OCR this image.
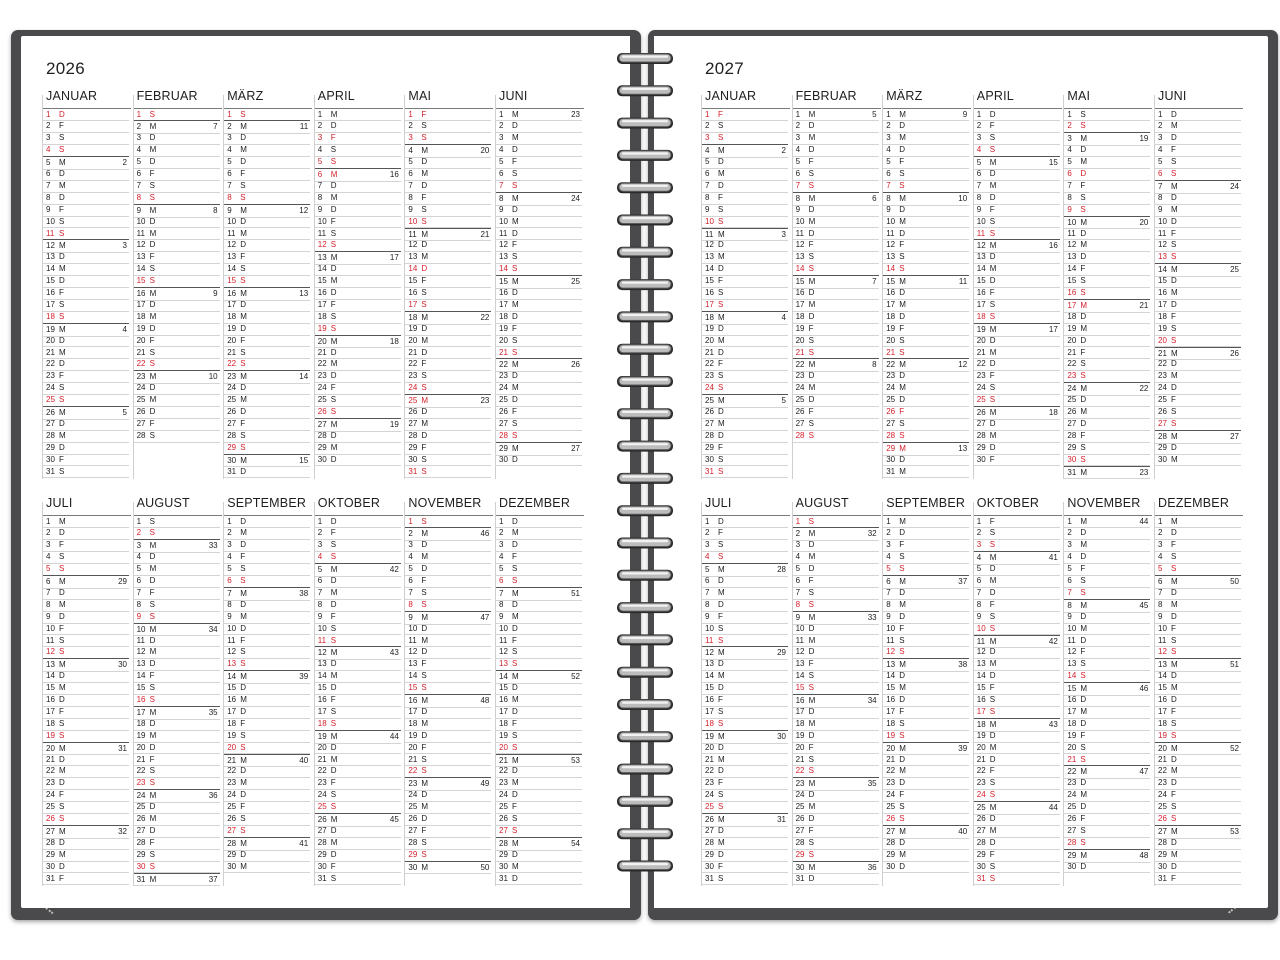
2026	2027
JANUAR
1	D
2	F
3	S
4	S
5	M	2
6	D
7	M
8	D
9	F
10 S
11 S
12 M	3
13 D
14 M
15 D
16 F
17 S
18 S
19 M	4
20 D
21 M
22 D
23 F
24 S
25 S
26 M	5
27 D
28 M
29 D
30 F
31 S
FEBRUAR
1	S
2	M	7
3	D
4	M
5	D
6	F
7	S
8	S
9	M	8
10 D
11 M
12 D
13 F
14 S
15 S
16 M	9
17 D
18 M
19 D
20 F
21 S
22 S
23 M	10
24 D
25 M
26 D
27 F
28 S
MÄRZ
1	S
2	M	11
3	D
4	M
5	D
6	F
7	S
8	S
9	M	12
10 D
11 M
12 D
13 F
14 S
15 S
16 M	13
17 D
18 M
19 D
20 F
21 S
22 S
23 M	14
24 D
25 M
26 D
27 F
28 S
29 S
30 M	15
31 D
APRIL
1	M
2	D
3	F
4	S
5	S
6	M	16
7	D
8	M
9	D
10 F
11 S
12 S
13 M	17
14 D
15 M
16 D
17 F
18 S
19 S
20 M	18
21 D
22 M
23 D
24 F
25 S
26 S
27 M	19
28 D
29 M
30 D
MAI
1	F
2	S
3	S
4	M	20
5	D
6	M
7	D
8	F
9	S
10 S
11 M	21
12 D
13 M
14 D
15 F
16 S
17 S
18 M	22
19 D
20 M
21 D
22 F
23 S
24 S
25 M	23
26 D
27 M
28 D
29 F
30 S
31 S
JUNI
1	M	23
2	D
3	M
4	D
5	F
6	S
7	S
8	M	24
9	D
10 M
11 D
12 F
13 S
14 S
15 M	25
16 D
17 M
18 D
19 F
20 S
21 S
22 M	26
23 D
24 M
25 D
26 F
27 S
28 S
29 M	27
30 D
JULI
1	M
2	D
3	F
4	S
5	S
6	M	29
7	D
8	M
9	D
10 F
11 S
12 S
13 M	30
14 D
15 M
16 D
17 F
18 S
19 S
20 M	31
21 D
22 M
23 D
24 F
25 S
26 S
27 M	32
28 D
29 M
30 D
31 F
AUGUST
1	S
2	S
3	M	33
4	D
5	M
6	D
7	F
8	S
9	S
10 M	34
11 D
12 M
13 D
14 F
15 S
16 S
17 M	35
18 D
19 M
20 D
21 F
22 S
23 S
24 M	36
25 D
26 M
27 D
28 F
29 S
30 S
31 M	37
SEPTEMBER
1	D
2	M
3	D
4	F
5	S
6	S
7	M	38
8	D
9	M
10 D
11 F
12 S
13 S
14 M	39
15 D
16 M
17 D
18 F
19 S
20 S
21 M	40
22 D
23 M
24 D
25 F
26 S
27 S
28 M	41
29 D
30 M
OKTOBER
1	D
2	F
3	S
4	S
5	M	42
6	D
7	M
8	D
9	F
10 S
11 S
12 M	43
13 D
14 M
15 D
16 F
17 S
18 S
19 M	44
20 D
21 M
22 D
23 F
24 S
25 S
26 M	45
27 D
28 M
29 D
30 F
31 S
NOVEMBER
1	S
2	M	46
3	D
4	M
5	D
6	F
7	S
8	S
9	M	47
10 D
11 M
12 D
13 F
14 S
15 S
16 M	48
17 D
18 M
19 D
20 F
21 S
22 S
23 M	49
24 D
25 M
26 D
27 F
28 S
29 S
30 M	50
DEZEMBER
1	D
2	M
3	D
4	F
5	S
6	S
7	M	51
8	D
9	M
10 D
11 F
12 S
13 S
14 M	52
15 D
16 M
17 D
18 F
19 S
20 S
21 M	53
22 D
23 M
24 D
25 F
26 S
27 S
28 M	54
29 D
30 M
31 D
JANUAR
1	F
2	S
3	S
4	M	2
5	D
6	M
7	D
8	F
9	S
10 S
11 M	3
12 D
13 M
14 D
15 F
16 S
17 S
18 M	4
19 D
20 M
21 D
22 F
23 S
24 S
25 M	5
26 D
27 M
28 D
29 F
30 S
31 S
FEBRUAR
1	M	5
2	D
3	M
4	D
5	F
6	S
7	S
8	M	6
9	D
10 M
11 D
12 F
13 S
14 S
15 M	7
16 D
17 M
18 D
19 F
20 S
21 S
22 M	8
23 D
24 M
25 D
26 F
27 S
28 S
MÄRZ
1	M	9
2	D
3	M
4	D
5	F
6	S
7	S
8	M	10
9	D
10 M
11 D
12 F
13 S
14 S
15 M	11
16 D
17 M
18 D
19 F
20 S
21 S
22 M	12
23 D
24 M
25 D
26 F
27 S
28 S
29 M	13
30 D
31 M
APRIL
1	D
2	F
3	S
4	S
5	M	15
6	D
7	M
8	D
9	F
10 S
11 S
12 M	16
13 D
14 M
15 D
16 F
17 S
18 S
19 M	17
20 D
21 M
22 D
23 F
24 S
25 S
26 M	18
27 D
28 M
29 D
30 F
MAI
1	S
2	S
3	M	19
4	D
5	M
6	D
7	F
8	S
9	S
10 M	20
11 D
12 M
13 D
14 F
15 S
16 S
17 M	21
18 D
19 M
20 D
21 F
22 S
23 S
24 M	22
25 D
26 M
27 D
28 F
29 S
30 S
31 M	23
JUNI
1	D
2	M
3	D
4	F
5	S
6	S
7	M	24
8	D
9	M
10 D
11 F
12 S
13 S
14 M	25
15 D
16 M
17 D
18 F
19 S
20 S
21 M	26
22 D
23 M
24 D
25 F
26 S
27 S
28 M	27
29 D
30 M
JULI
1	D
2	F
3	S
4	S
5	M	28
6	D
7	M
8	D
9	F
10 S
11 S
12 M	29
13 D
14 M
15 D
16 F
17 S
18 S
19 M	30
20 D
21 M
22 D
23 F
24 S
25 S
26 M	31
27 D
28 M
29 D
30 F
31 S
AUGUST
1	S
2	M	32
3	D
4	M
5	D
6	F
7	S
8	S
9	M	33
10 D
11 M
12 D
13 F
14 S
15 S
16 M	34
17 D
18 M
19 D
20 F
21 S
22 S
23 M	35
24 D
25 M
26 D
27 F
28 S
29 S
30 M	36
31 D
SEPTEMBER
1	M
2	D
3	F
4	S
5	S
6	M	37
7	D
8	M
9	D
10 F
11 S
12 S
13 M	38
14 D
15 M
16 D
17 F
18 S
19 S
20 M	39
21 D
22 M
23 D
24 F
25 S
26 S
27 M	40
28 D
29 M
30 D
OKTOBER
1	F
2	S
3	S
4	M	41
5	D
6	M
7	D
8	F
9	S
10 S
11 M	42
12 D
13 M
14 D
15 F
16 S
17 S
18 M	43
19 D
20 M
21 D
22 F
23 S
24 S
25 M	44
26 D
27 M
28 D
29 F
30 S
31 S
NOVEMBER
1	M	44
2	D
3	M
4	D
5	F
6	S
7	S
8	M	45
9	D
10 M
11 D
12 F
13 S
14 S
15 M	46
16 D
17 M
18 D
19 F
20 S
21 S
22 M	47
23 D
24 M
25 D
26 F
27 S
28 S
29 M	48
30 D
DEZEMBER
1	M
2	D
3	F
4	S
5	S
6	M	50
7	D
8	M
9	D
10 F
11 S
12 S
13 M	51
14 D
15 M
16 D
17 F
18 S
19 S
20 M	52
21 D
22 M
23 D
24 F
25 S
26 S
27 M	53
28 D
29 M
30 D
31 F
